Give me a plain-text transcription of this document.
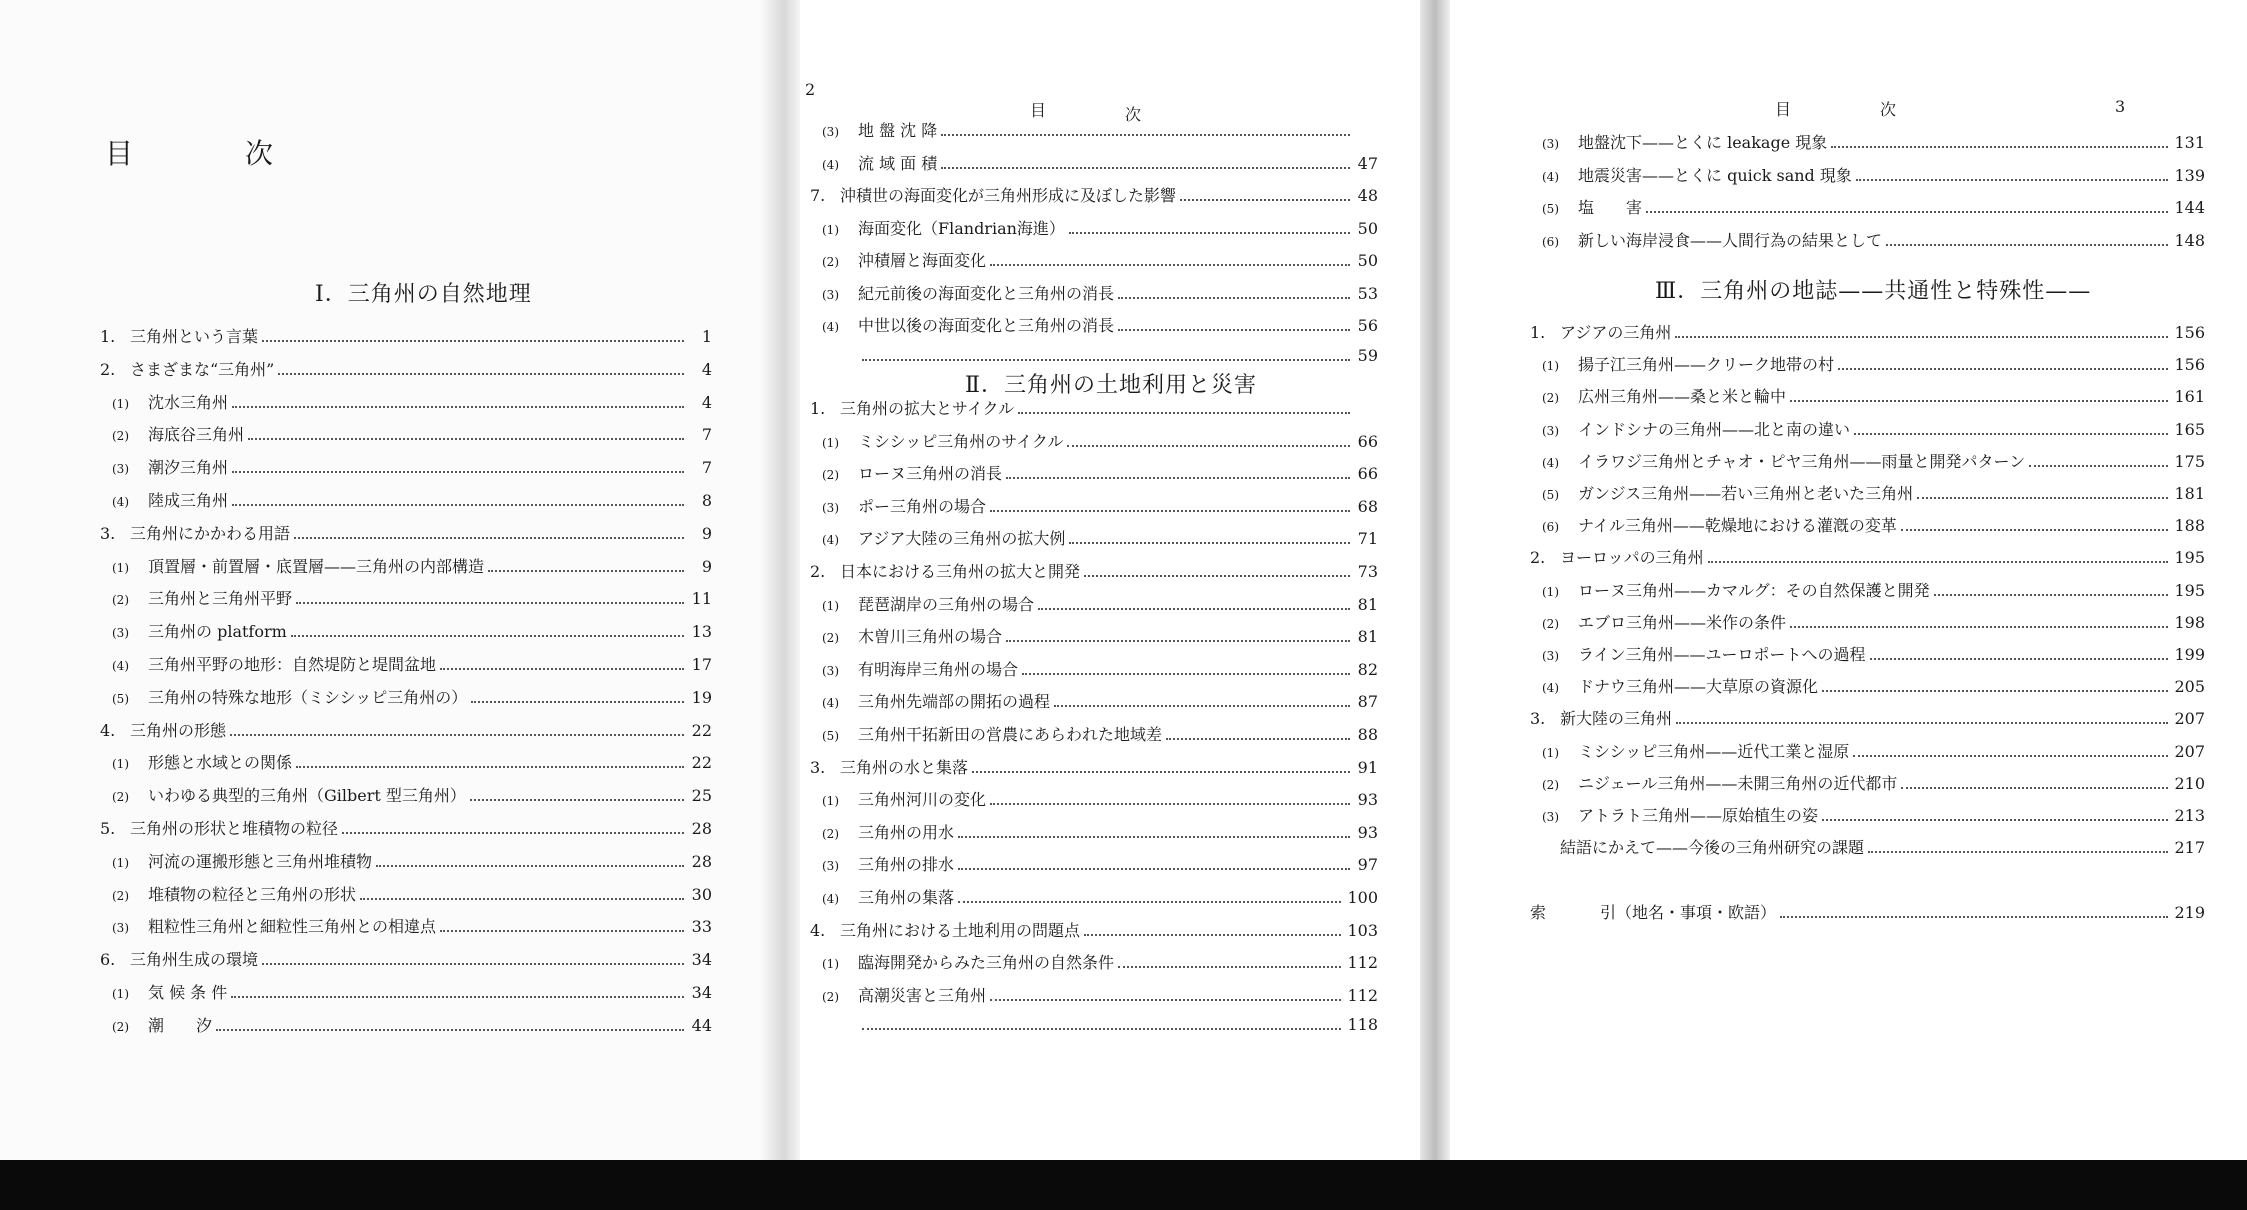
目	次
Ⅰ．三角州の自然地理
1. 三角州という言葉	1
2. さまざまな“三角州”	4
(1)	沈水三角州	4
(2)	海底谷三角州	7
(3)	潮汐三角州	7
(4)	陸成三角州	8
3. 三角州にかかわる用語	9
(1)	頂置層・前置層・底置層——三角州の内部構造	9
(2)	三角州と三角州平野	11
(3)	三角州の platform	13
(4)	三角州平野の地形：自然堤防と堤間盆地	17
(5)	三角州の特殊な地形（ミシシッピ三角州の）	19
4. 三角州の形態	22
(1)	形態と水域との関係	22
(2)	いわゆる典型的三角州（Gilbert 型三角州）	25
5. 三角州の形状と堆積物の粒径	28
(1)	河流の運搬形態と三角州堆積物	28
(2)	堆積物の粒径と三角州の形状	30
(3)	粗粒性三角州と細粒性三角州との相違点	33
6. 三角州生成の環境	34
(1)	気 候 条 件	34
(2)	潮　　汐	44
2
目	次
(3)	地 盤 沈 降
(4)	流 域 面 積	47
7. 沖積世の海面変化が三角州形成に及ぼした影響	48
(1)	海面変化（Flandrian海進）	50
(2)	沖積層と海面変化	50
(3)	紀元前後の海面変化と三角州の消長	53
(4)	中世以後の海面変化と三角州の消長	56
59
Ⅱ．三角州の土地利用と災害
1. 三角州の拡大とサイクル
(1)	ミシシッピ三角州のサイクル	66
(2)	ローヌ三角州の消長	66
(3)	ポー三角州の場合	68
(4)	アジア大陸の三角州の拡大例	71
2. 日本における三角州の拡大と開発	73
(1)	琵琶湖岸の三角州の場合	81
(2)	木曽川三角州の場合	81
(3)	有明海岸三角州の場合	82
(4)	三角州先端部の開拓の過程	87
(5)	三角州干拓新田の営農にあらわれた地域差	88
3. 三角州の水と集落	91
(1)	三角州河川の変化	93
(2)	三角州の用水	93
(3)	三角州の排水	97
(4)	三角州の集落	100
4. 三角州における土地利用の問題点	103
(1)	臨海開発からみた三角州の自然条件	112
(2)	高潮災害と三角州	112
118
目	次	3
(3)	地盤沈下——とくに leakage 現象	131
(4)	地震災害——とくに quick sand 現象	139
(5)	塩　　害	144
(6)	新しい海岸浸食——人間行為の結果として	148
Ⅲ．三角州の地誌——共通性と特殊性——
1. アジアの三角州	156
(1)	揚子江三角州——クリーク地帯の村	156
(2)	広州三角州——桑と米と輪中	161
(3)	インドシナの三角州——北と南の違い	165
(4)	イラワジ三角州とチャオ・ピヤ三角州——雨量と開発パターン	175
(5)	ガンジス三角州——若い三角州と老いた三角州	181
(6)	ナイル三角州——乾燥地における灌漑の変革	188
2. ヨーロッパの三角州	195
(1)	ローヌ三角州——カマルグ：その自然保護と開発	195
(2)	エブロ三角州——米作の条件	198
(3)	ライン三角州——ユーロポートへの過程	199
(4)	ドナウ三角州——大草原の資源化	205
3. 新大陸の三角州	207
(1)	ミシシッピ三角州——近代工業と湿原	207
(2)	ニジェール三角州——未開三角州の近代都市	210
(3)	アトラト三角州——原始植生の姿	213
結語にかえて——今後の三角州研究の課題	217
索	引（地名・事項・欧語）	219
